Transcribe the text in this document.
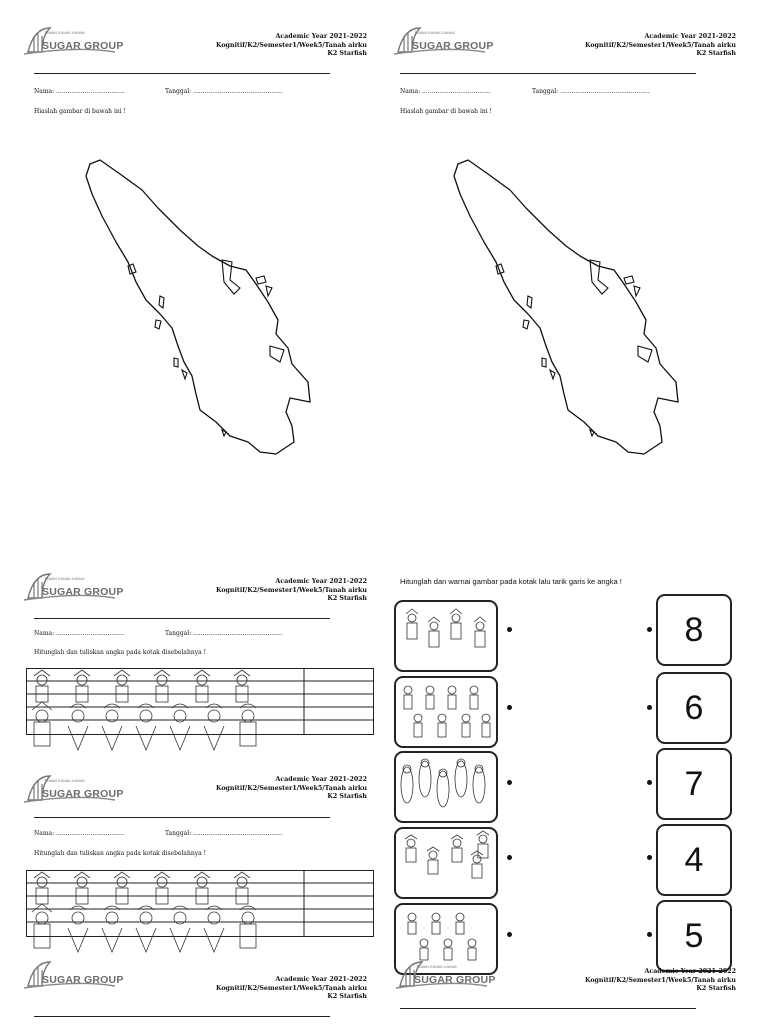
TAMAN KANAK-KANAK
SUGAR GROUP
Academic Year 2021-2022
Kognitif/K2/Semester1/Week5/Tanah airku
K2 Starfish
Nama: ....................................	Tanggal: ...............................................
Hiaslah gambar di bawah ini !
TAMAN KANAK-KANAK
SUGAR GROUP
Academic Year 2021-2022
Kognitif/K2/Semester1/Week5/Tanah airku
K2 Starfish
Nama: ....................................	Tanggal: ...............................................
Hiaslah gambar di bawah ini !
TAMAN KANAK-KANAK
SUGAR GROUP
Academic Year 2021-2022
Kognitif/K2/Semester1/Week5/Tanah airku
K2 Starfish
Nama: ....................................	Tanggal: ...............................................
Hitunglah dan tuliskan angka pada kotak disebelahnya !
TAMAN KANAK-KANAK
SUGAR GROUP
Academic Year 2021-2022
Kognitif/K2/Semester1/Week5/Tanah airku
K2 Starfish
Nama: ....................................	Tanggal: ...............................................
Hitunglah dan tuliskan angka pada kotak disebelahnya !
SUGAR GROUP	Academic Year 2021-2022
Kognitif/K2/Semester1/Week5/Tanah airku
K2 Starfish
Hitunglah dan warnai gambar pada kotak lalu tarik garis ke angka !
8
6
7
4
5
TAMAN KANAK-KANAK
SUGAR GROUP
Academic Year 2021-2022
Kognitif/K2/Semester1/Week5/Tanah airku
K2 Starfish
